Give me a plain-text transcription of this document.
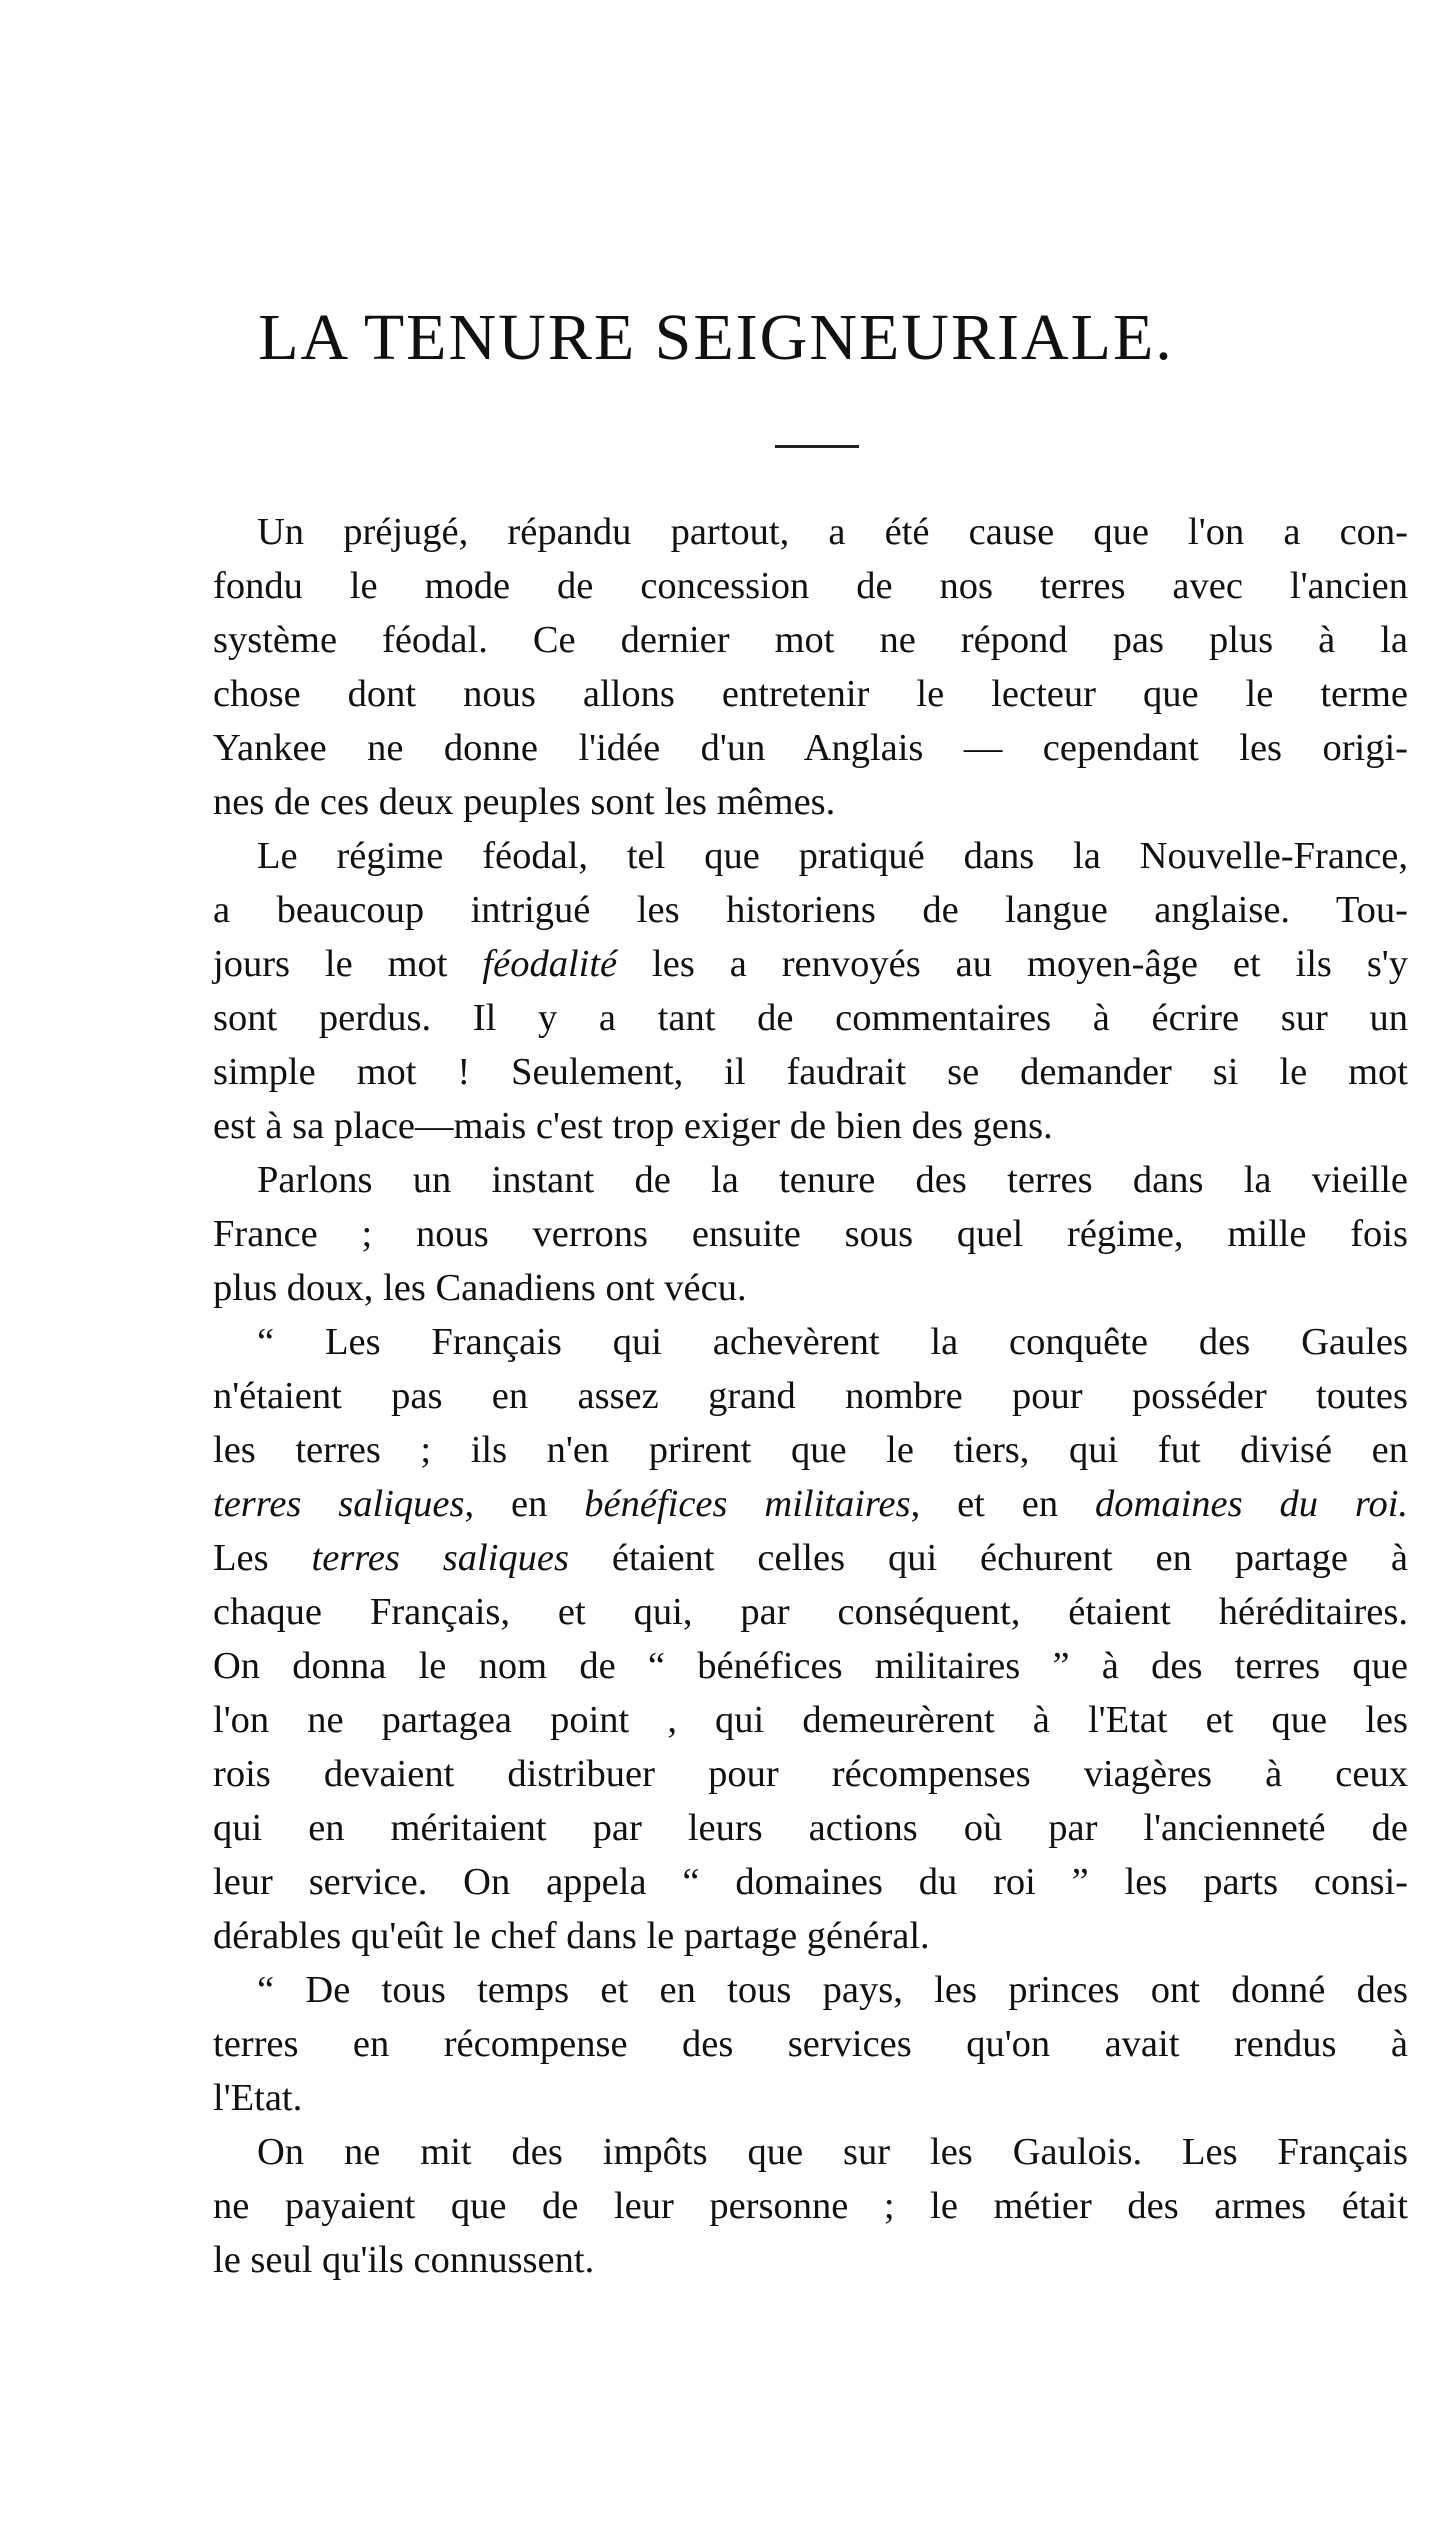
LA TENURE SEIGNEURIALE.
Un préjugé, répandu partout, a été cause que l'on a con-
fondu le mode de concession de nos terres avec l'ancien
système féodal. Ce dernier mot ne répond pas plus à la
chose dont nous allons entretenir le lecteur que le terme
Yankee ne donne l'idée d'un Anglais — cependant les origi-
nes de ces deux peuples sont les mêmes.
Le régime féodal, tel que pratiqué dans la Nouvelle-France,
a beaucoup intrigué les historiens de langue anglaise. Tou-
jours le mot féodalité les a renvoyés au moyen-âge et ils s'y
sont perdus. Il y a tant de commentaires à écrire sur un
simple mot ! Seulement, il faudrait se demander si le mot
est à sa place—mais c'est trop exiger de bien des gens.
Parlons un instant de la tenure des terres dans la vieille
France ; nous verrons ensuite sous quel régime, mille fois
plus doux, les Canadiens ont vécu.
“ Les Français qui achevèrent la conquête des Gaules
n'étaient pas en assez grand nombre pour posséder toutes
les terres ; ils n'en prirent que le tiers, qui fut divisé en
terres saliques, en bénéfices militaires, et en domaines du roi.
Les terres saliques étaient celles qui échurent en partage à
chaque Français, et qui, par conséquent, étaient héréditaires.
On donna le nom de “ bénéfices militaires ” à des terres que
l'on ne partagea point , qui demeurèrent à l'Etat et que les
rois devaient distribuer pour récompenses viagères à ceux
qui en méritaient par leurs actions où par l'ancienneté de
leur service. On appela “ domaines du roi ” les parts consi-
dérables qu'eût le chef dans le partage général.
“ De tous temps et en tous pays, les princes ont donné des
terres en récompense des services qu'on avait rendus à
l'Etat.
On ne mit des impôts que sur les Gaulois. Les Français
ne payaient que de leur personne ; le métier des armes était
le seul qu'ils connussent.
